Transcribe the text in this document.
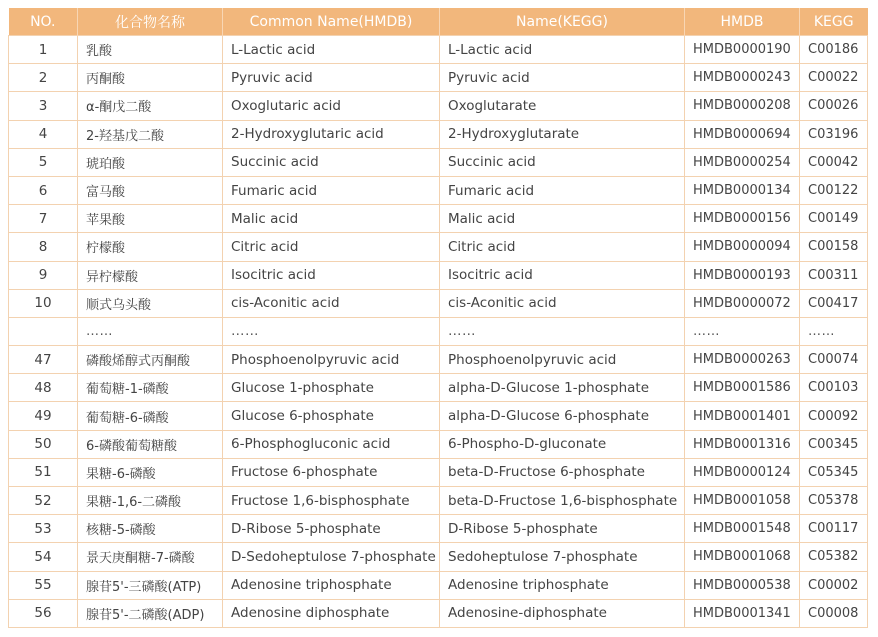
NO.	化合物名称	Common Name(HMDB)	Name(KEGG)	HMDB	KEGG
1	乳酸	L-Lactic acid	L-Lactic acid	HMDB0000190	C00186
2	丙酮酸	Pyruvic acid	Pyruvic acid	HMDB0000243	C00022
3	α-酮戊二酸	Oxoglutaric acid	Oxoglutarate	HMDB0000208	C00026
4	2-羟基戊二酸	2-Hydroxyglutaric acid	2-Hydroxyglutarate	HMDB0000694	C03196
5	琥珀酸	Succinic acid	Succinic acid	HMDB0000254	C00042
6	富马酸	Fumaric acid	Fumaric acid	HMDB0000134	C00122
7	苹果酸	Malic acid	Malic acid	HMDB0000156	C00149
8	柠檬酸	Citric acid	Citric acid	HMDB0000094	C00158
9	异柠檬酸	Isocitric acid	Isocitric acid	HMDB0000193	C00311
10	顺式乌头酸	cis-Aconitic acid	cis-Aconitic acid	HMDB0000072	C00417
	……	……	……	……	……
47	磷酸烯醇式丙酮酸	Phosphoenolpyruvic acid	Phosphoenolpyruvic acid	HMDB0000263	C00074
48	葡萄糖-1-磷酸	Glucose 1-phosphate	alpha-D-Glucose 1-phosphate	HMDB0001586	C00103
49	葡萄糖-6-磷酸	Glucose 6-phosphate	alpha-D-Glucose 6-phosphate	HMDB0001401	C00092
50	6-磷酸葡萄糖酸	6-Phosphogluconic acid	6-Phospho-D-gluconate	HMDB0001316	C00345
51	果糖-6-磷酸	Fructose 6-phosphate	beta-D-Fructose 6-phosphate	HMDB0000124	C05345
52	果糖-1,6-二磷酸	Fructose 1,6-bisphosphate	beta-D-Fructose 1,6-bisphosphate	HMDB0001058	C05378
53	核糖-5-磷酸	D-Ribose 5-phosphate	D-Ribose 5-phosphate	HMDB0001548	C00117
54	景天庚酮糖-7-磷酸	D-Sedoheptulose 7-phosphate	Sedoheptulose 7-phosphate	HMDB0001068	C05382
55	腺苷5'-三磷酸(ATP)	Adenosine triphosphate	Adenosine triphosphate	HMDB0000538	C00002
56	腺苷5'-二磷酸(ADP)	Adenosine diphosphate	Adenosine-diphosphate	HMDB0001341	C00008
